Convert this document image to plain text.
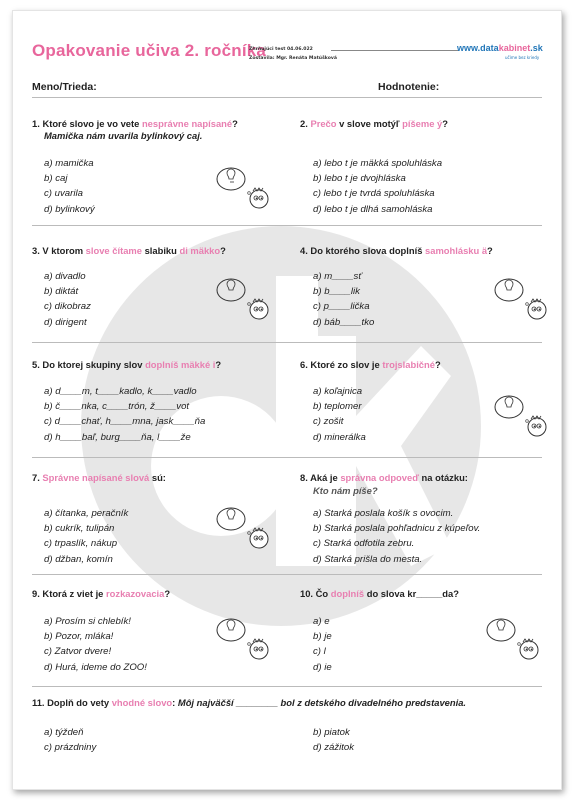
Opakovanie učiva 2. ročníka
Zhrňujúci test 04.06.022
Zostavila: Mgr. Renáta Matúšková
www.datakabinet.sk
učíme bez kriedy
Meno/Trieda:	Hodnotenie:
1. Ktoré slovo je vo vete nesprávne napísané?
Mamička nám uvarila bylinkový caj.
a) mamička
b) caj
c) uvarila
d) bylinkový
2. Prečo v slove motýľ píšeme ý?
a) lebo t je mäkká spoluhláska
b) lebo t je dvojhláska
c) lebo t je tvrdá spoluhláska
d) lebo t je dlhá samohláska
3. V ktorom slove čítame slabiku di mäkko?
a) divadlo
b) diktát
c) dikobraz
d) dirigent
4. Do ktorého slova doplníš samohlásku ä?
a) m____sť
b) b____lik
c) p____lička
d) báb____tko
5. Do ktorej skupiny slov doplníš mäkké i?
a) d____m, t____kadlo, k____vadlo
b) č____nka, c____trón, ž____vot
c) d____chať, h____mna, jask____ňa
d) h____baľ, burg____ňa, l____že
6. Ktoré zo slov je trojslabičné?
a) koľajnica
b) teplomer
c) zošit
d) minerálka
7. Správne napísané slová sú:
a) čítanka, peračník
b) cukrík, tulipán
c) trpaslík, nákup
d) džban, komín
8. Aká je správna odpoveď na otázku:
Kto nám píše?
a) Starká poslala košík s ovocim.
b) Starká poslala pohľadnicu z kúpeľov.
c) Starká odfotila zebru.
d) Starká prišla do mesta.
9. Ktorá z viet je rozkazovacia?
a) Prosím si chlebík!
b) Pozor, mláka!
c) Zatvor dvere!
d) Hurá, ideme do ZOO!
10. Čo doplníš do slova kr_____da?
a) e
b) je
c) l
d) ie
11. Doplň do vety vhodné slovo: Môj najväčší ________ bol z detského divadelného predstavenia.
a) týždeň
c) prázdniny
b) piatok
d) zážitok
